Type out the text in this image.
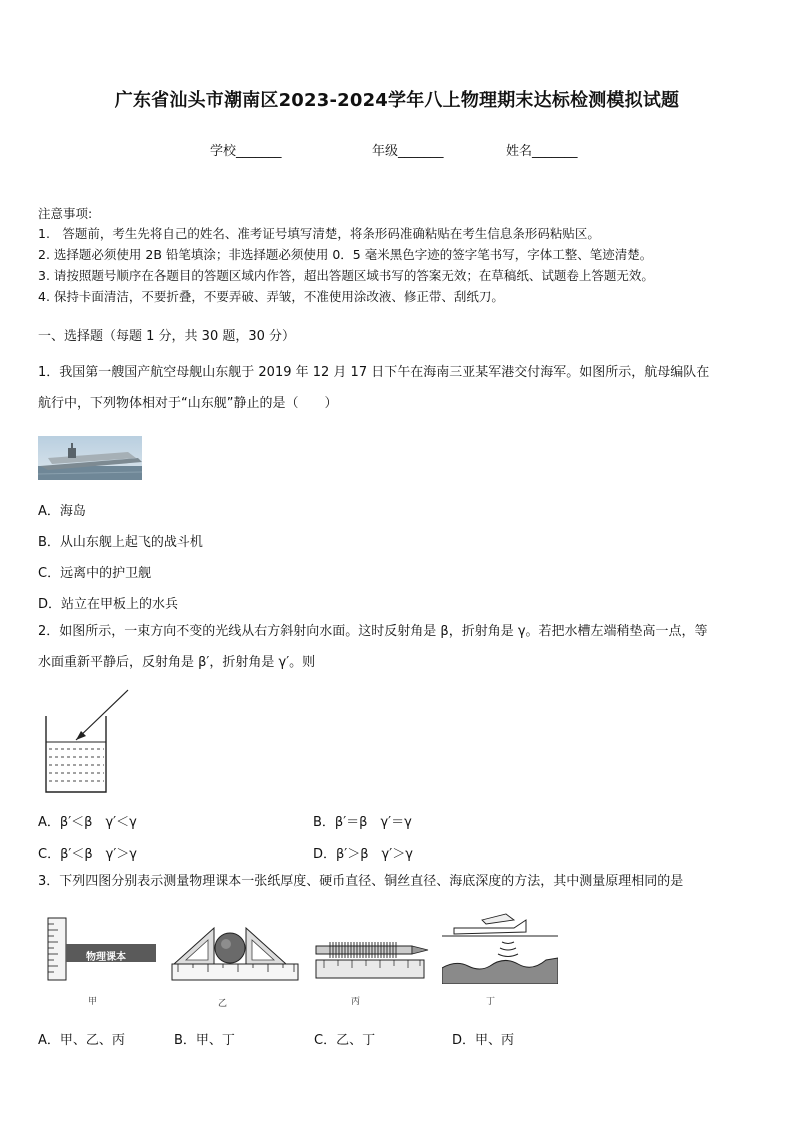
广东省汕头市潮南区2023-2024学年八上物理期末达标检测模拟试题
学校_______	年级_______	姓名_______
注意事项:
1.　答题前，考生先将自己的姓名、准考证号填写清楚，将条形码准确粘贴在考生信息条形码粘贴区。
2. 选择题必须使用 2B 铅笔填涂；非选择题必须使用 0．5 毫米黑色字迹的签字笔书写，字体工整、笔迹清楚。
3. 请按照题号顺序在各题目的答题区域内作答，超出答题区域书写的答案无效；在草稿纸、试题卷上答题无效。
4. 保持卡面清洁，不要折叠，不要弄破、弄皱，不准使用涂改液、修正带、刮纸刀。
一、选择题（每题 1 分，共 30 题，30 分）
1．我国第一艘国产航空母舰山东舰于 2019 年 12 月 17 日下午在海南三亚某军港交付海军。如图所示，航母编队在
航行中，下列物体相对于“山东舰”静止的是（　　）
A．海岛
B．从山东舰上起飞的战斗机
C．远离中的护卫舰
D．站立在甲板上的水兵
2．如图所示，一束方向不变的光线从右方斜射向水面。这时反射角是 β，折射角是 γ。若把水槽左端稍垫高一点，等
水面重新平静后，反射角是 β′，折射角是 γ′。则
A．β′＜β　γ′＜γ	B．β′＝β　γ′＝γ
C．β′＜β　γ′＞γ	D．β′＞β　γ′＞γ
3．下列四图分别表示测量物理课本一张纸厚度、硬币直径、铜丝直径、海底深度的方法，其中测量原理相同的是
物理课本
甲	乙	丙	丁
A．甲、乙、丙	B．甲、丁	C．乙、丁	D．甲、丙
